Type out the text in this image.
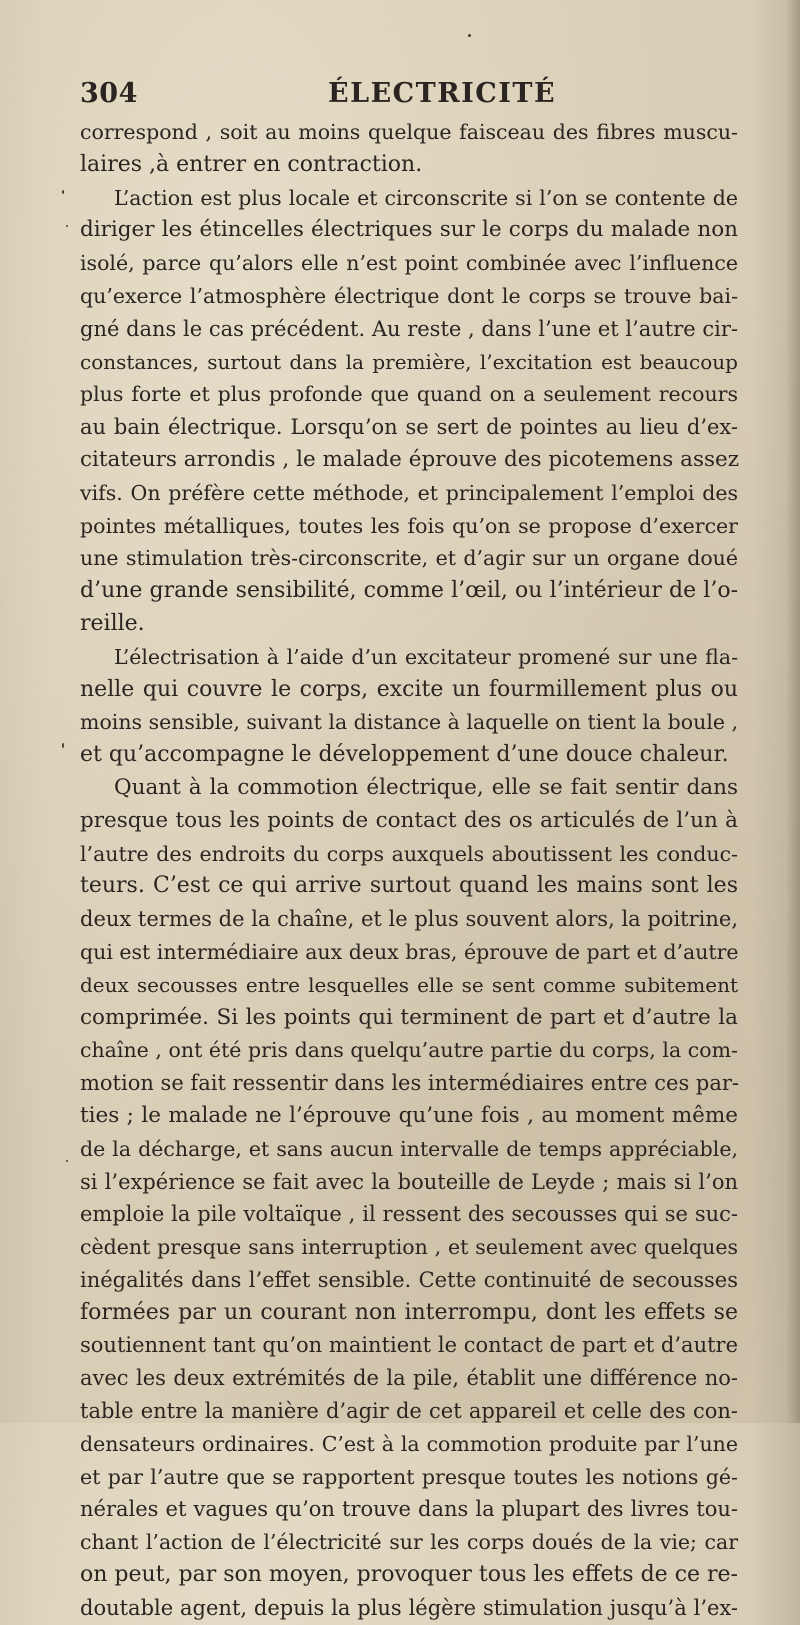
304	ÉLECTRICITÉ
correspond , soit au moins quelque faisceau des fibres muscu-
laires ,à entrer en contraction.
L’action est plus locale et circonscrite si l’on se contente de
diriger les étincelles électriques sur le corps du malade non
isolé, parce qu’alors elle n’est point combinée avec l’influence
qu’exerce l’atmosphère électrique dont le corps se trouve bai-
gné dans le cas précédent. Au reste , dans l’une et l’autre cir-
constances, surtout dans la première, l’excitation est beaucoup
plus forte et plus profonde que quand on a seulement recours
au bain électrique. Lorsqu’on se sert de pointes au lieu d’ex-
citateurs arrondis , le malade éprouve des picotemens assez
vifs. On préfère cette méthode, et principalement l’emploi des
pointes métalliques, toutes les fois qu’on se propose d’exercer
une stimulation très-circonscrite, et d’agir sur un organe doué
d’une grande sensibilité, comme l’œil, ou l’intérieur de l’o-
reille.
L’électrisation à l’aide d’un excitateur promené sur une fla-
nelle qui couvre le corps, excite un fourmillement plus ou
moins sensible, suivant la distance à laquelle on tient la boule ,
et qu’accompagne le développement d’une douce chaleur.
Quant à la commotion électrique, elle se fait sentir dans
presque tous les points de contact des os articulés de l’un à
l’autre des endroits du corps auxquels aboutissent les conduc-
teurs. C’est ce qui arrive surtout quand les mains sont les
deux termes de la chaîne, et le plus souvent alors, la poitrine,
qui est intermédiaire aux deux bras, éprouve de part et d’autre
deux secousses entre lesquelles elle se sent comme subitement
comprimée. Si les points qui terminent de part et d’autre la
chaîne , ont été pris dans quelqu’autre partie du corps, la com-
motion se fait ressentir dans les intermédiaires entre ces par-
ties ; le malade ne l’éprouve qu’une fois , au moment même
de la décharge, et sans aucun intervalle de temps appréciable,
si l’expérience se fait avec la bouteille de Leyde ; mais si l’on
emploie la pile voltaïque , il ressent des secousses qui se suc-
cèdent presque sans interruption , et seulement avec quelques
inégalités dans l’effet sensible. Cette continuité de secousses
formées par un courant non interrompu, dont les effets se
soutiennent tant qu’on maintient le contact de part et d’autre
avec les deux extrémités de la pile, établit une différence no-
table entre la manière d’agir de cet appareil et celle des con-
densateurs ordinaires. C’est à la commotion produite par l’une
et par l’autre que se rapportent presque toutes les notions gé-
nérales et vagues qu’on trouve dans la plupart des livres tou-
chant l’action de l’électricité sur les corps doués de la vie; car
on peut, par son moyen, provoquer tous les effets de ce re-
doutable agent, depuis la plus légère stimulation jusqu’à l’ex-
